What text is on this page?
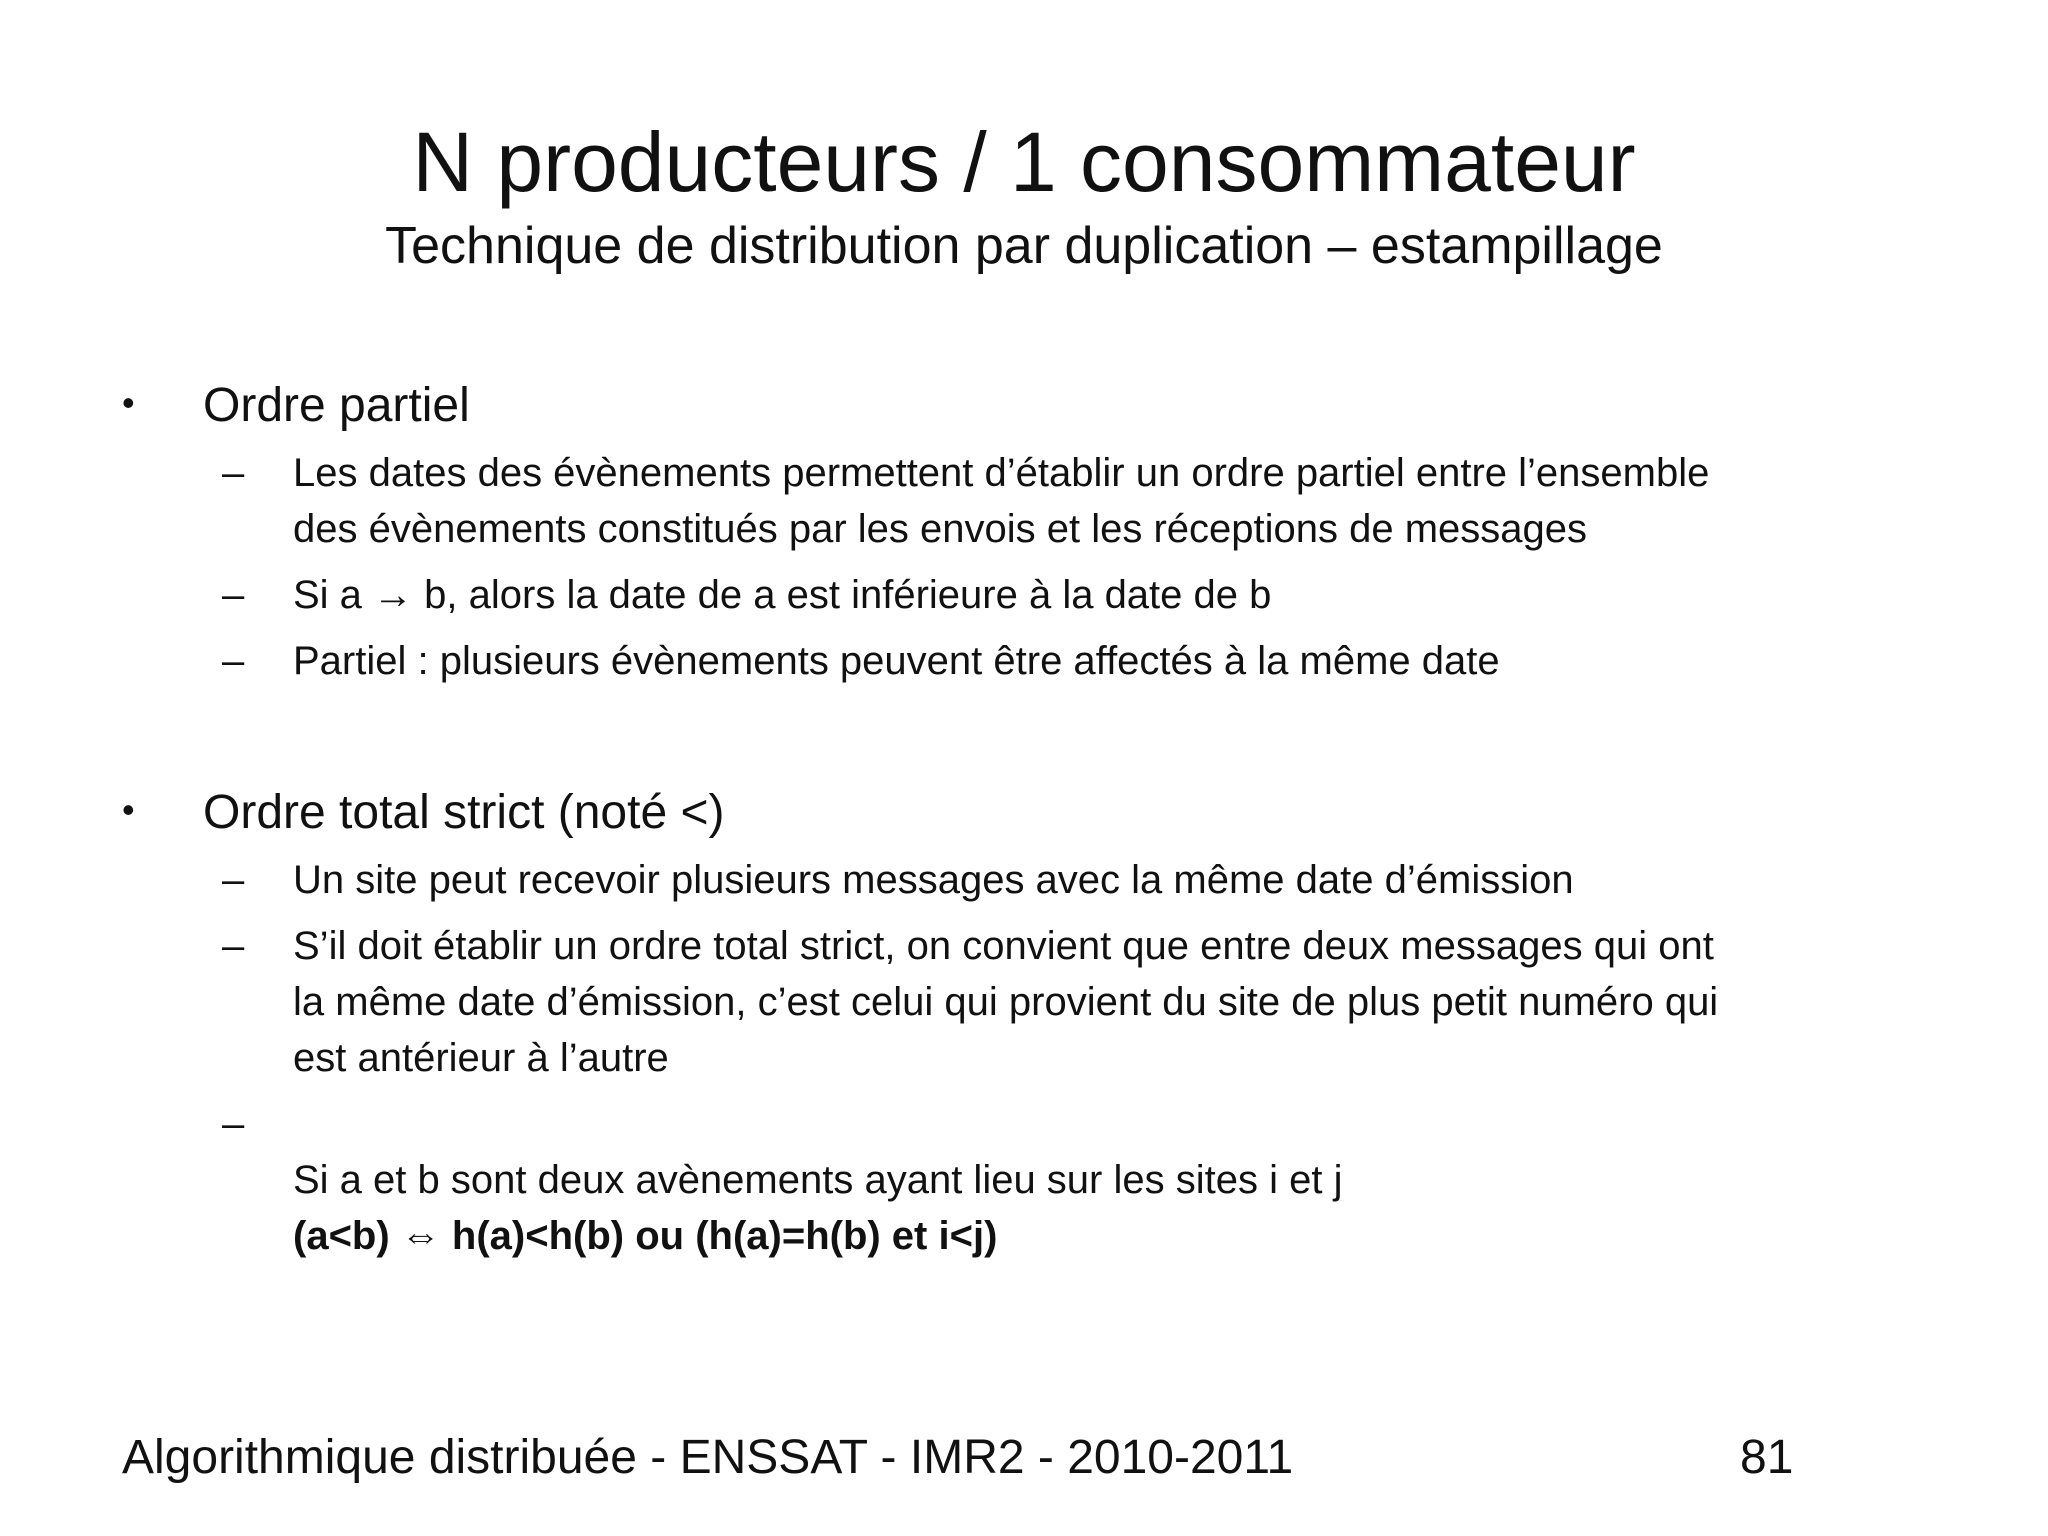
N producteurs / 1 consommateur
Technique de distribution par duplication – estampillage
• Ordre partiel
– Les dates des évènements permettent d’établir un ordre partiel entre l’ensemble
des évènements constitués par les envois et les réceptions de messages
– Si a → b, alors la date de a est inférieure à la date de b
– Partiel : plusieurs évènements peuvent être affectés à la même date
• Ordre total strict (noté <)
– Un site peut recevoir plusieurs messages avec la même date d’émission
– S’il doit établir un ordre total strict, on convient que entre deux messages qui ont
la même date d’émission, c’est celui qui provient du site de plus petit numéro qui
est antérieur à l’autre
–

Si a et b sont deux avènements ayant lieu sur les sites i et j

(a<b) ⇔ h(a)<h(b) ou (h(a)=h(b) et i<j)

Algorithmique distribuée - ENSSAT - IMR2 - 2010-2011	81
